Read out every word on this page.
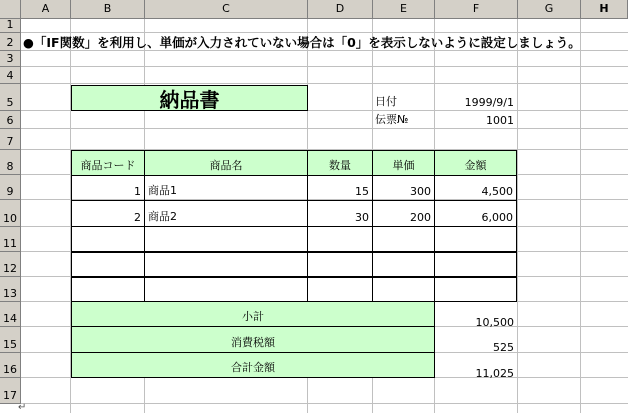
A	B	C	D	E	F	G	H
1
2
3
4
5
6
7
8
9
10
11
12
13
14
15
16
17
●「IF関数」を利用し、単価が入力されていない場合は「0」を表示しないように設定しましょう。
納品書	日付	1999/9/1
伝票№	1001
商品コード	商品名	数量	単価	金額
1 商品1	15	300	4,500
2 商品2	30	200	6,000
小計	10,500
消費税額	525
合計金額	11,025
↵
